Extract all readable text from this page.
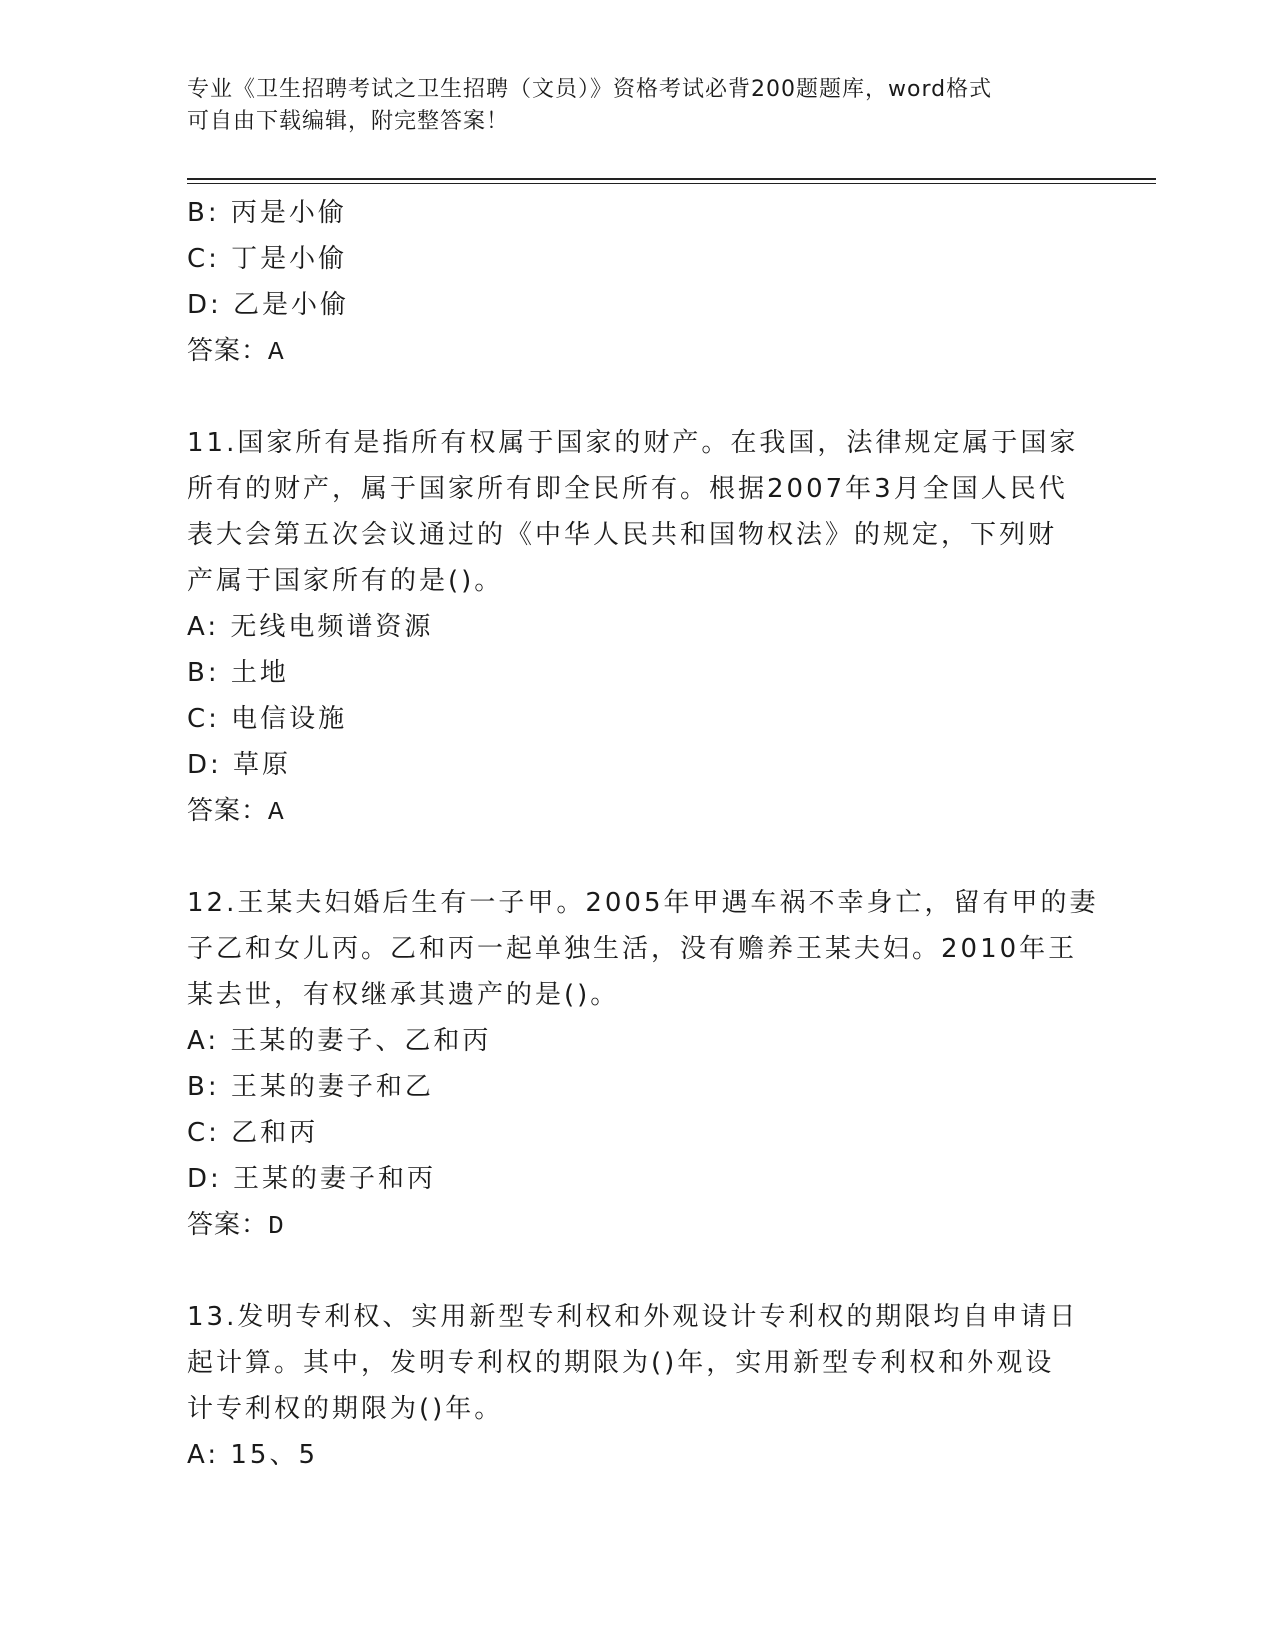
专业《卫生招聘考试之卫生招聘（文员）》资格考试必背200题题库，word格式
可自由下载编辑，附完整答案！
B: 丙是小偷
C: 丁是小偷
D: 乙是小偷
答案：A
11.国家所有是指所有权属于国家的财产。在我国，法律规定属于国家
所有的财产，属于国家所有即全民所有。根据2007年3月全国人民代
表大会第五次会议通过的《中华人民共和国物权法》的规定，下列财
产属于国家所有的是()。
A: 无线电频谱资源
B: 土地
C: 电信设施
D: 草原
答案：A
12.王某夫妇婚后生有一子甲。2005年甲遇车祸不幸身亡，留有甲的妻
子乙和女儿丙。乙和丙一起单独生活，没有赡养王某夫妇。2010年王
某去世，有权继承其遗产的是()。
A: 王某的妻子、乙和丙
B: 王某的妻子和乙
C: 乙和丙
D: 王某的妻子和丙
答案：D
13.发明专利权、实用新型专利权和外观设计专利权的期限均自申请日
起计算。其中，发明专利权的期限为()年，实用新型专利权和外观设
计专利权的期限为()年。
A: 15、5
